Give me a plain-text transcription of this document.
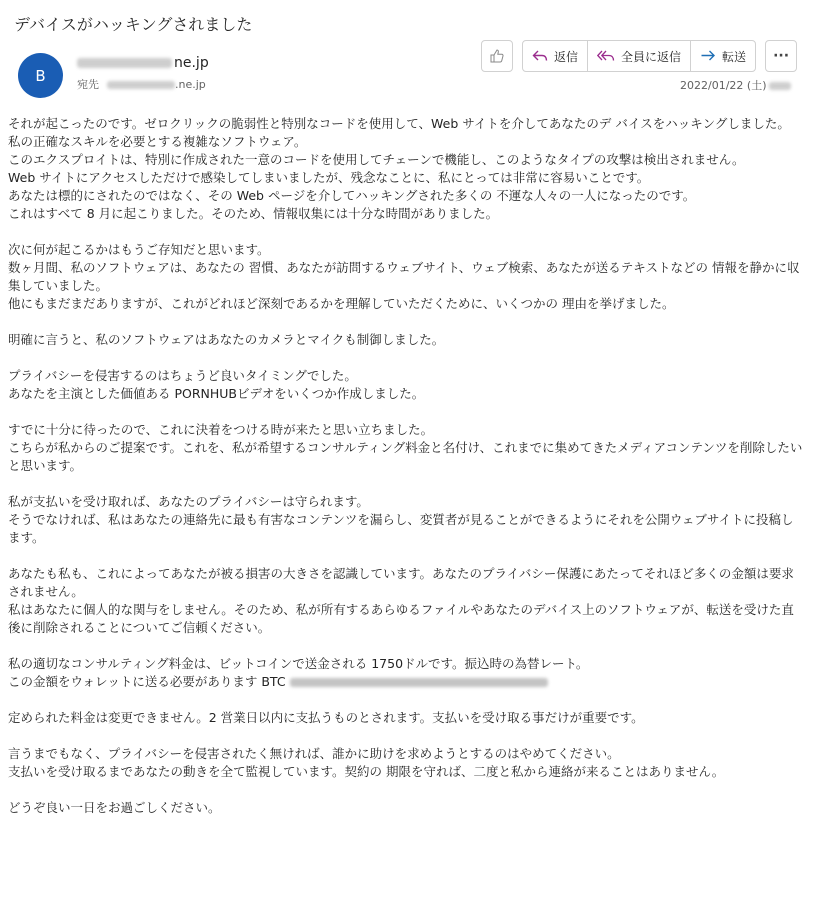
デバイスがハッキングされました
B
ne.jp
宛先	.ne.jp
返信	全員に返信	転送 ···
2022/01/22 (土)

それが起こったのです。ゼロクリックの脆弱性と特別なコードを使用して、Web サイトを介してあなたのデ バイスをハッキングしました。
私の正確なスキルを必要とする複雑なソフトウェア。
このエクスプロイトは、特別に作成された一意のコードを使用してチェーンで機能し、このようなタイプの攻撃は検出されません。
Web サイトにアクセスしただけで感染してしまいましたが、残念なことに、私にとっては非常に容易いことです。
あなたは標的にされたのではなく、その Web ページを介してハッキングされた多くの 不運な人々の一人になったのです。
これはすべて 8 月に起こりました。そのため、情報収集には十分な時間がありました。

次に何が起こるかはもうご存知だと思います。
数ヶ月間、私のソフトウェアは、あなたの 習慣、あなたが訪問するウェブサイト、ウェブ検索、あなたが送るテキストなどの 情報を静かに収集していました。
他にもまだまだありますが、これがどれほど深刻であるかを理解していただくために、いくつかの 理由を挙げました。

明確に言うと、私のソフトウェアはあなたのカメラとマイクも制御しました。

プライバシーを侵害するのはちょうど良いタイミングでした。
あなたを主演とした価値ある PORNHUBビデオをいくつか作成しました。

すでに十分に待ったので、これに決着をつける時が来たと思い立ちました。
こちらが私からのご提案です。これを、私が希望するコンサルティング料金と名付け、これまでに集めてきたメディアコンテンツを削除したいと思います。

私が支払いを受け取れば、あなたのプライバシーは守られます。
そうでなければ、私はあなたの連絡先に最も有害なコンテンツを漏らし、変質者が見ることができるようにそれを公開ウェブサイトに投稿します。

あなたも私も、これによってあなたが被る損害の大きさを認識しています。あなたのプライバシー保護にあたってそれほど多くの金額は要求されません。
私はあなたに個人的な関与をしません。そのため、私が所有するあらゆるファイルやあなたのデバイス上のソフトウェアが、転送を受けた直後に削除されることについてご信頼ください。

私の適切なコンサルティング料金は、ビットコインで送金される 1750ドルです。振込時の為替レート。
この金額をウォレットに送る必要があります BTC

定められた料金は変更できません。2 営業日以内に支払うものとされます。支払いを受け取る事だけが重要です。

言うまでもなく、プライバシーを侵害されたく無ければ、誰かに助けを求めようとするのはやめてください。
支払いを受け取るまであなたの動きを全て監視しています。契約の 期限を守れば、二度と私から連絡が来ることはありません。

どうぞ良い一日をお過ごしください。
